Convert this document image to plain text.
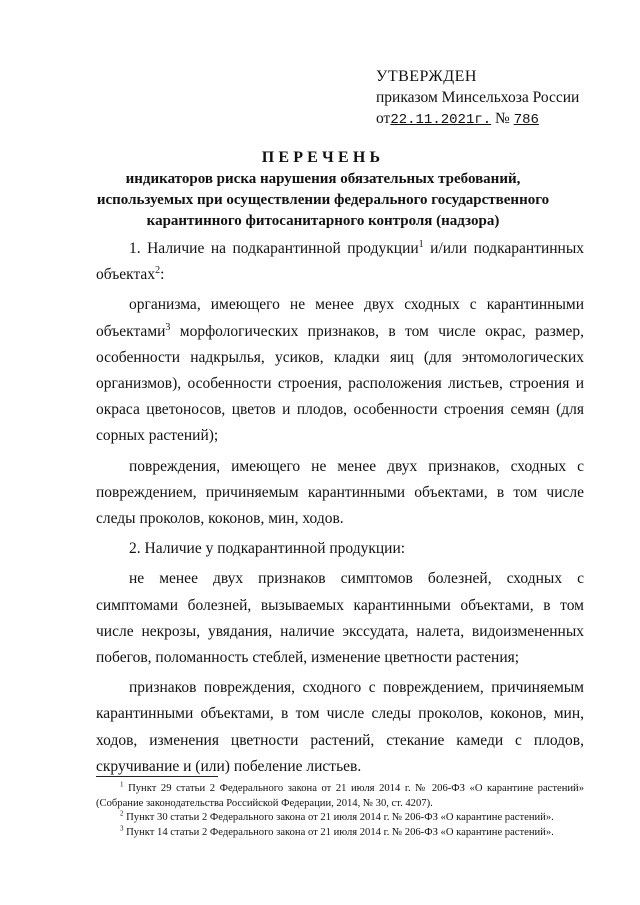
УТВЕРЖДЕН
приказом Минсельхоза России
от22.11.2021г. № 786
ПЕРЕЧЕНЬ
индикаторов риска нарушения обязательных требований,
используемых при осуществлении федерального государственного
карантинного фитосанитарного контроля (надзора)

1. Наличие на подкарантинной продукции$^1$ и/или подкарантинных объектах$^2$:

организма, имеющего не менее двух сходных с карантинными объектами$^3$ морфологических признаков, в том числе окрас, размер, особенности надкрылья, усиков, кладки яиц (для энтомологических организмов), особенности строения, расположения листьев, строения и окраса цветоносов, цветов и плодов, особенности строения семян (для сорных растений);

повреждения, имеющего не менее двух признаков, сходных с повреждением, причиняемым карантинными объектами, в том числе следы проколов, коконов, мин, ходов.

2. Наличие у подкарантинной продукции:

не менее двух признаков симптомов болезней, сходных с симптомами болезней, вызываемых карантинными объектами, в том числе некрозы, увядания, наличие экссудата, налета, видоизмененных побегов, поломанность стеблей, изменение цветности растения;

признаков повреждения, сходного с повреждением, причиняемым карантинными объектами, в том числе следы проколов, коконов, мин, ходов, изменения цветности растений, стекание камеди с плодов, скручивание и (или) побеление листьев.

$^1$ Пункт 29 статьи 2 Федерального закона от 21 июля 2014 г. № 206-ФЗ «О карантине растений» (Собрание законодательства Российской Федерации, 2014, № 30, ст. 4207).

$^2$ Пункт 30 статьи 2 Федерального закона от 21 июля 2014 г. № 206-ФЗ «О карантине растений».

$^3$ Пункт 14 статьи 2 Федерального закона от 21 июля 2014 г. № 206-ФЗ «О карантине растений».
